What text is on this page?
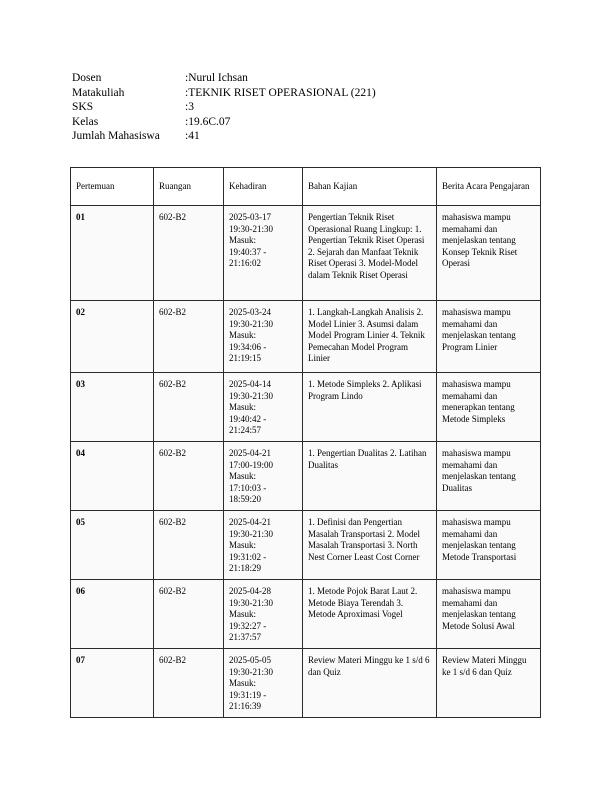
Dosen	: Nurul Ichsan
Matakuliah	: TEKNIK RISET OPERASIONAL (221)
SKS	: 3
Kelas	: 19.6C.07
Jumlah Mahasiswa	: 41
Pertemuan	Ruangan	Kehadiran	Bahan Kajian	Berita Acara Pengajaran
01	602-B2	2025-03-17
19:30-21:30
Masuk:
19:40:37 -
21:16:02	Pengertian Teknik Riset Operasional Ruang Lingkup: 1. Pengertian Teknik Riset Operasi 2. Sejarah dan Manfaat Teknik Riset Operasi 3. Model-Model dalam Teknik Riset Operasi	mahasiswa mampu memahami dan menjelaskan tentang Konsep Teknik Riset Operasi
02	602-B2	2025-03-24
19:30-21:30
Masuk:
19:34:06 -
21:19:15	1. Langkah-Langkah Analisis 2. Model Linier 3. Asumsi dalam Model Program Linier 4. Teknik Pemecahan Model Program Linier	mahasiswa mampu memahami dan menjelaskan tentang Program Linier
03	602-B2	2025-04-14
19:30-21:30
Masuk:
19:40:42 -
21:24:57	1. Metode Simpleks 2. Aplikasi Program Lindo	mahasiswa mampu memahami dan menerapkan tentang Metode Simpleks
04	602-B2	2025-04-21
17:00-19:00
Masuk:
17:10:03 -
18:59:20	1. Pengertian Dualitas 2. Latihan Dualitas	mahasiswa mampu memahami dan menjelaskan tentang Dualitas
05	602-B2	2025-04-21
19:30-21:30
Masuk:
19:31:02 -
21:18:29	1. Definisi dan Pengertian Masalah Transportasi 2. Model Masalah Transportasi 3. North Nest Corner Least Cost Corner	mahasiswa mampu memahami dan menjelaskan tentang Metode Transportasi
06	602-B2	2025-04-28
19:30-21:30
Masuk:
19:32:27 -
21:37:57	1. Metode Pojok Barat Laut 2. Metode Biaya Terendah 3. Metode Aproximasi Vogel	mahasiswa mampu memahami dan menjelaskan tentang Metode Solusi Awal
07	602-B2	2025-05-05
19:30-21:30
Masuk:
19:31:19 -
21:16:39	Review Materi Minggu ke 1 s/d 6 dan Quiz	Review Materi Minggu ke 1 s/d 6 dan Quiz
